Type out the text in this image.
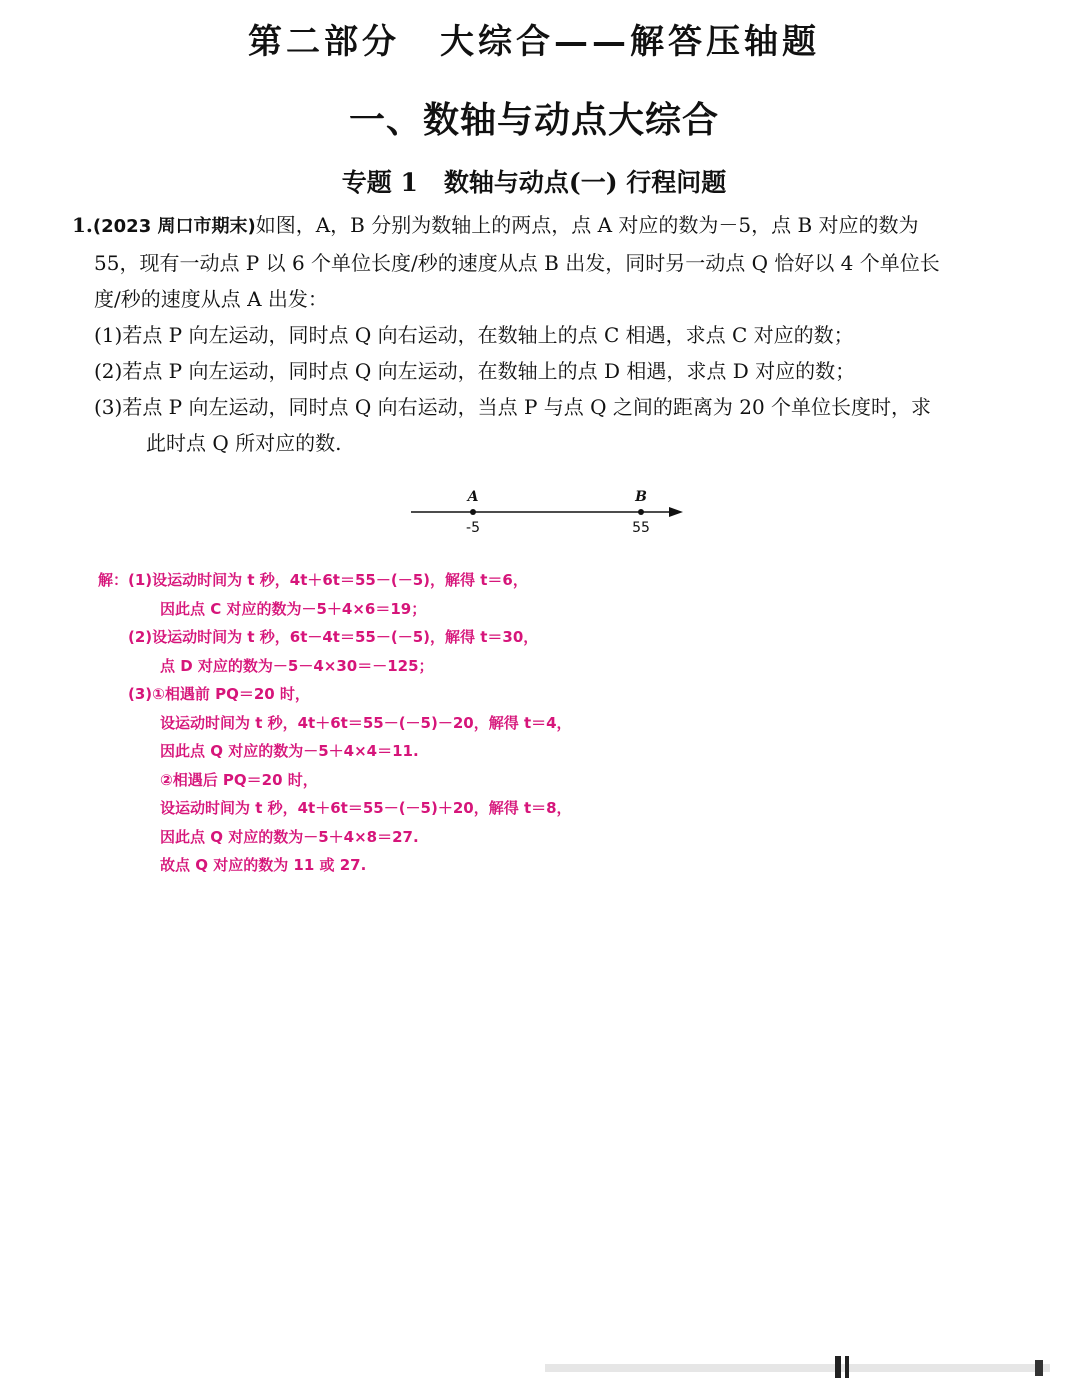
第二部分 大综合——解答压轴题
一、数轴与动点大综合
专题 1 数轴与动点(一) 行程问题
1.(2023 周口市期末)如图，A，B 分别为数轴上的两点，点 A 对应的数为－5，点 B 对应的数为
55，现有一动点 P 以 6 个单位长度/秒的速度从点 B 出发，同时另一动点 Q 恰好以 4 个单位长
度/秒的速度从点 A 出发：
(1)若点 P 向左运动，同时点 Q 向右运动，在数轴上的点 C 相遇，求点 C 对应的数；
(2)若点 P 向左运动，同时点 Q 向左运动，在数轴上的点 D 相遇，求点 D 对应的数；
(3)若点 P 向左运动，同时点 Q 向右运动，当点 P 与点 Q 之间的距离为 20 个单位长度时，求
此时点 Q 所对应的数.
A	B
-5	55
解：(1)设运动时间为 t 秒，4t＋6t＝55－(－5)，解得 t＝6，
因此点 C 对应的数为－5＋4×6＝19；
(2)设运动时间为 t 秒，6t－4t＝55－(－5)，解得 t＝30，
点 D 对应的数为－5－4×30＝－125；
(3)①相遇前 PQ＝20 时，
设运动时间为 t 秒，4t＋6t＝55－(－5)－20，解得 t＝4，
因此点 Q 对应的数为－5＋4×4＝11.
②相遇后 PQ＝20 时，
设运动时间为 t 秒，4t＋6t＝55－(－5)＋20，解得 t＝8，
因此点 Q 对应的数为－5＋4×8＝27.
故点 Q 对应的数为 11 或 27.
